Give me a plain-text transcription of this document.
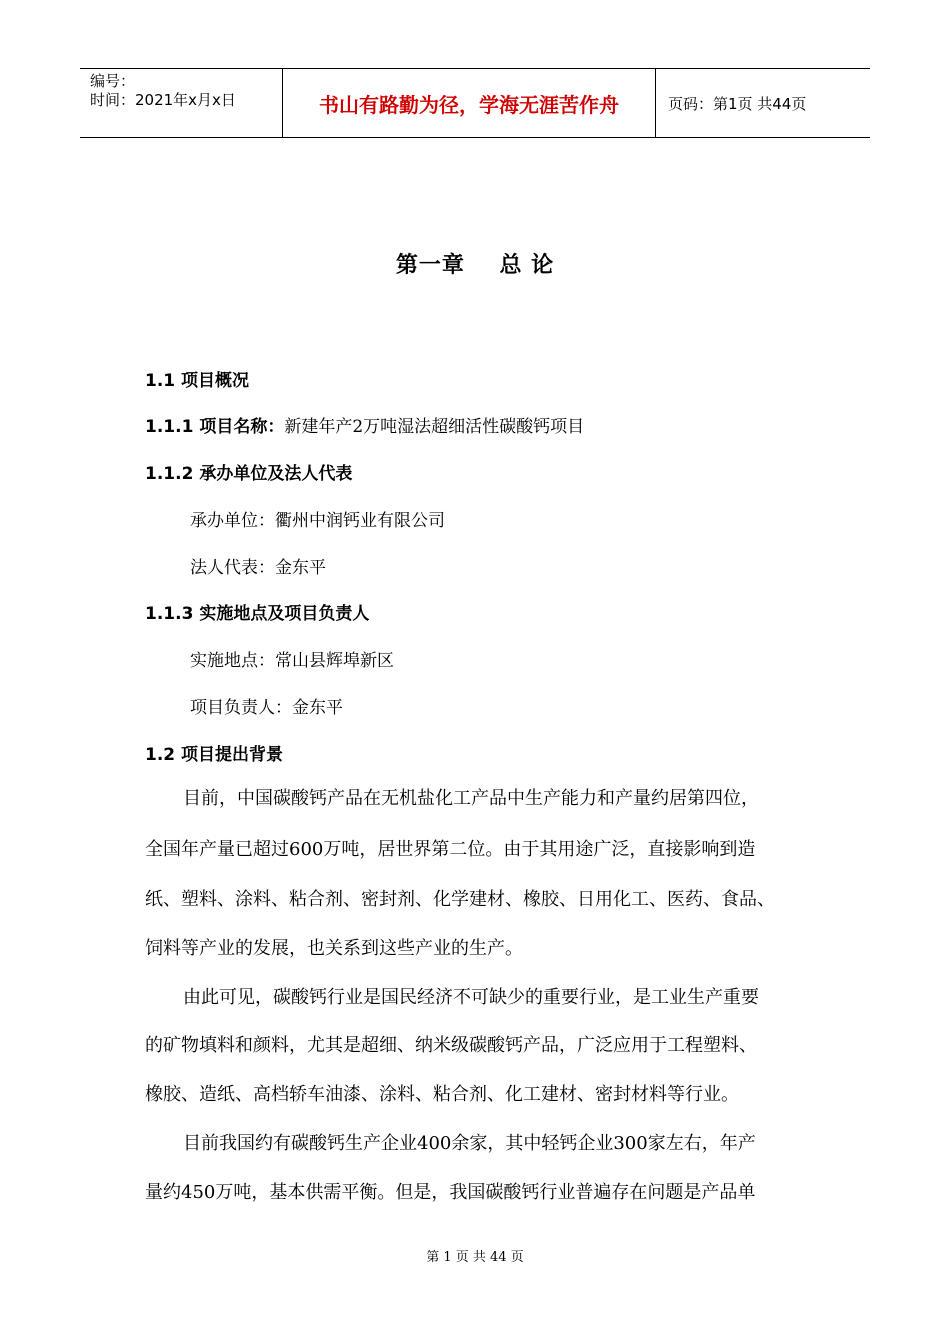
编号：
时间：2021年x月x日	书山有路勤为径，学海无涯苦作舟	页码：第1页 共44页
第一章    总 论
1.1 项目概况
1.1.1 项目名称：新建年产2万吨湿法超细活性碳酸钙项目
1.1.2 承办单位及法人代表
承办单位：衢州中润钙业有限公司
法人代表：金东平
1.1.3 实施地点及项目负责人
实施地点：常山县辉埠新区
项目负责人：金东平
1.2 项目提出背景
目前，中国碳酸钙产品在无机盐化工产品中生产能力和产量约居第四位，
全国年产量已超过600万吨，居世界第二位。由于其用途广泛，直接影响到造
纸、塑料、涂料、粘合剂、密封剂、化学建材、橡胶、日用化工、医药、食品、
饲料等产业的发展，也关系到这些产业的生产。
由此可见，碳酸钙行业是国民经济不可缺少的重要行业，是工业生产重要
的矿物填料和颜料，尤其是超细、纳米级碳酸钙产品，广泛应用于工程塑料、
橡胶、造纸、高档轿车油漆、涂料、粘合剂、化工建材、密封材料等行业。
目前我国约有碳酸钙生产企业400余家，其中轻钙企业300家左右，年产
量约450万吨，基本供需平衡。但是，我国碳酸钙行业普遍存在问题是产品单
第 1 页 共 44 页
